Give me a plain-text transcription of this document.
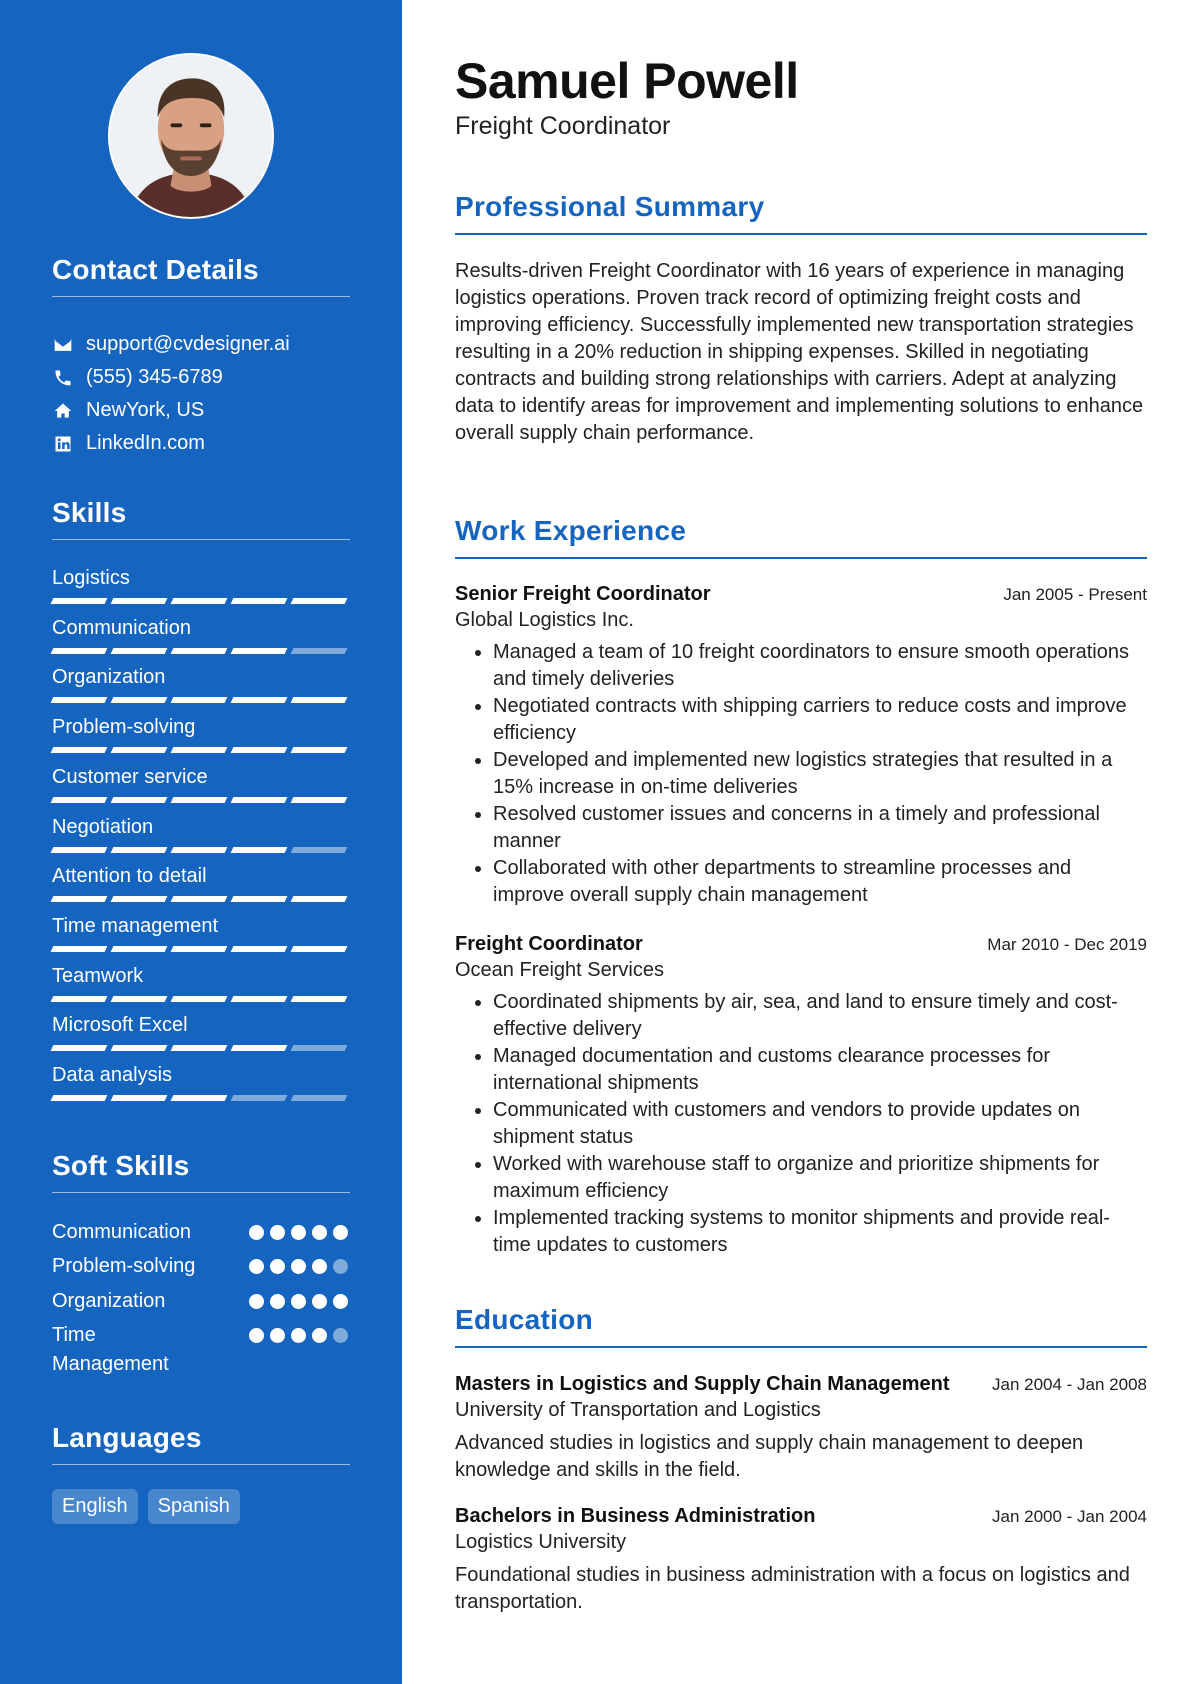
Contact Details
support@cvdesigner.ai
(555) 345-6789
NewYork, US
LinkedIn.com
Skills
Logistics
Communication
Organization
Problem-solving
Customer service
Negotiation
Attention to detail
Time management
Teamwork
Microsoft Excel
Data analysis
Soft Skills
Communication
Problem-solving
Organization
Time Management
Languages
English	Spanish
Samuel Powell
Freight Coordinator
Professional Summary
Results-driven Freight Coordinator with 16 years of experience in managing logistics operations. Proven track record of optimizing freight costs and improving efficiency. Successfully implemented new transportation strategies resulting in a 20% reduction in shipping expenses. Skilled in negotiating contracts and building strong relationships with carriers. Adept at analyzing data to identify areas for improvement and implementing solutions to enhance overall supply chain performance.
Work Experience
Senior Freight Coordinator	Jan 2005 - Present
Global Logistics Inc.
• Managed a team of 10 freight coordinators to ensure smooth operations and timely deliveries
• Negotiated contracts with shipping carriers to reduce costs and improve efficiency
• Developed and implemented new logistics strategies that resulted in a 15% increase in on-time deliveries
• Resolved customer issues and concerns in a timely and professional manner
• Collaborated with other departments to streamline processes and improve overall supply chain management
Freight Coordinator	Mar 2010 - Dec 2019
Ocean Freight Services
• Coordinated shipments by air, sea, and land to ensure timely and cost-effective delivery
• Managed documentation and customs clearance processes for international shipments
• Communicated with customers and vendors to provide updates on shipment status
• Worked with warehouse staff to organize and prioritize shipments for maximum efficiency
• Implemented tracking systems to monitor shipments and provide real-time updates to customers
Education
Masters in Logistics and Supply Chain Management Jan 2004 - Jan 2008
University of Transportation and Logistics
Advanced studies in logistics and supply chain management to deepen knowledge and skills in the field.
Bachelors in Business Administration	Jan 2000 - Jan 2004
Logistics University
Foundational studies in business administration with a focus on logistics and transportation.
